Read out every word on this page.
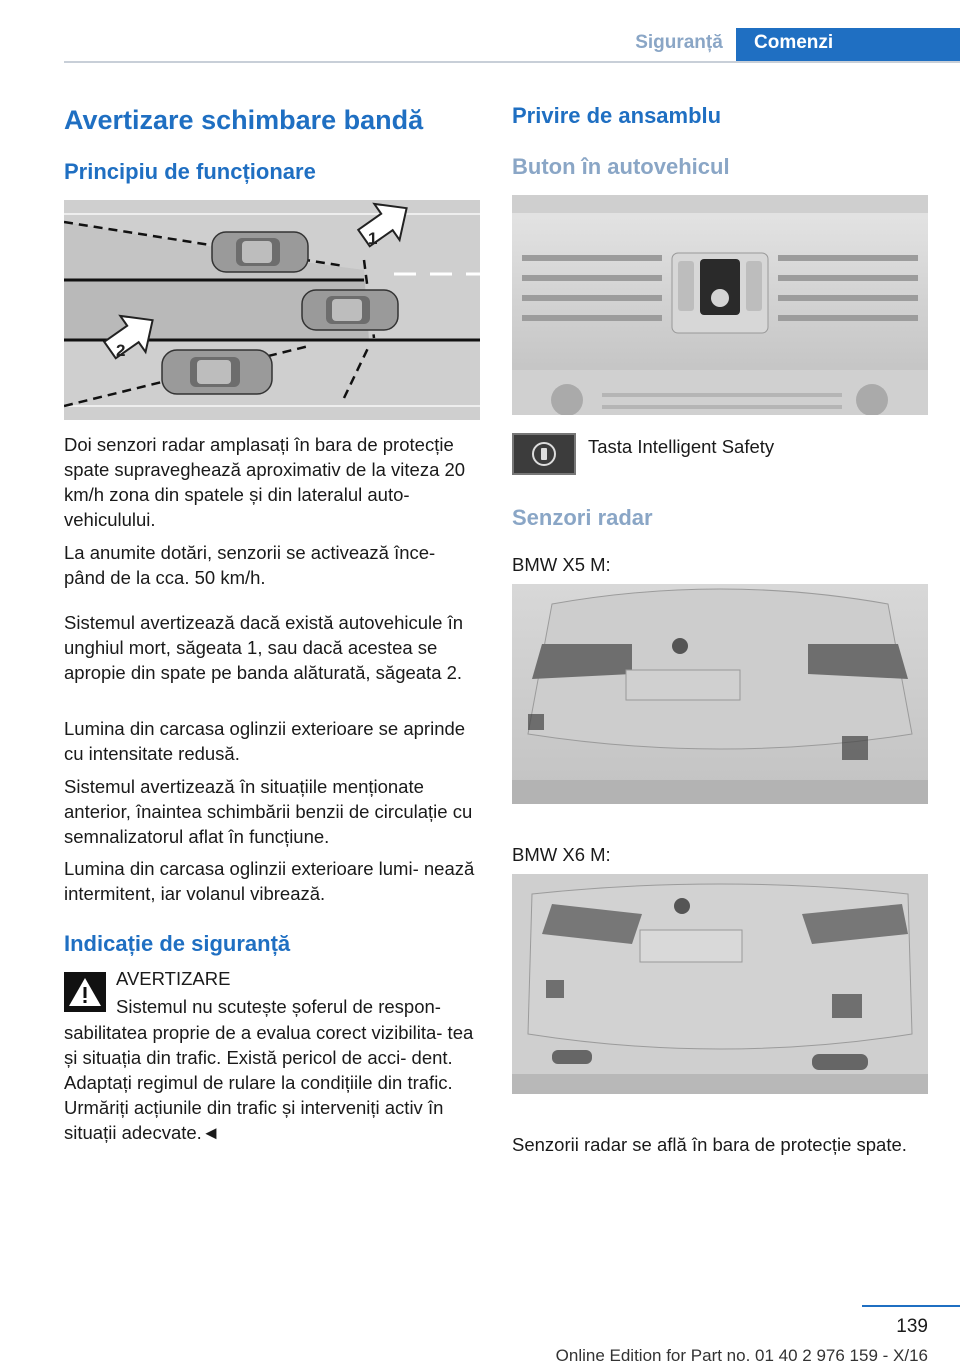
Siguranță	Comenzi
Avertizare schimbare bandă
Principiu de funcționare
1
2

Doi senzori radar amplasați în bara de protecție spate supraveghează aproximativ de la viteza 20 km/h zona din spatele și din lateralul auto‐ vehiculului.

La anumite dotări, senzorii se activează înce‐ pând de la cca. 50 km/h.

Sistemul avertizează dacă există autovehicule în unghiul mort, săgeata 1, sau dacă acestea se apropie din spate pe banda alăturată, săgeata 2.

Lumina din carcasa oglinzii exterioare se aprinde cu intensitate redusă.

Sistemul avertizează în situațiile menționate anterior, înaintea schimbării benzii de circulație cu semnalizatorul aflat în funcțiune.

Lumina din carcasa oglinzii exterioare lumi‐ nează intermitent, iar volanul vibrează.

Indicație de siguranță

AVERTIZARE

Sistemul nu scutește șoferul de respon‐

sabilitatea proprie de a evalua corect vizibilita‐ tea și situația din trafic. Există pericol de acci‐ dent. Adaptați regimul de rulare la condițiile din trafic. Urmăriți acțiunile din trafic și interveniți activ în situații adecvate.◄

Privire de ansamblu
Buton în autovehicul

Tasta Intelligent Safety

Senzori radar

BMW X5 M:

BMW X6 M:

Senzorii radar se află în bara de protecție spate.

139
Online Edition for Part no. 01 40 2 976 159 - X/16
